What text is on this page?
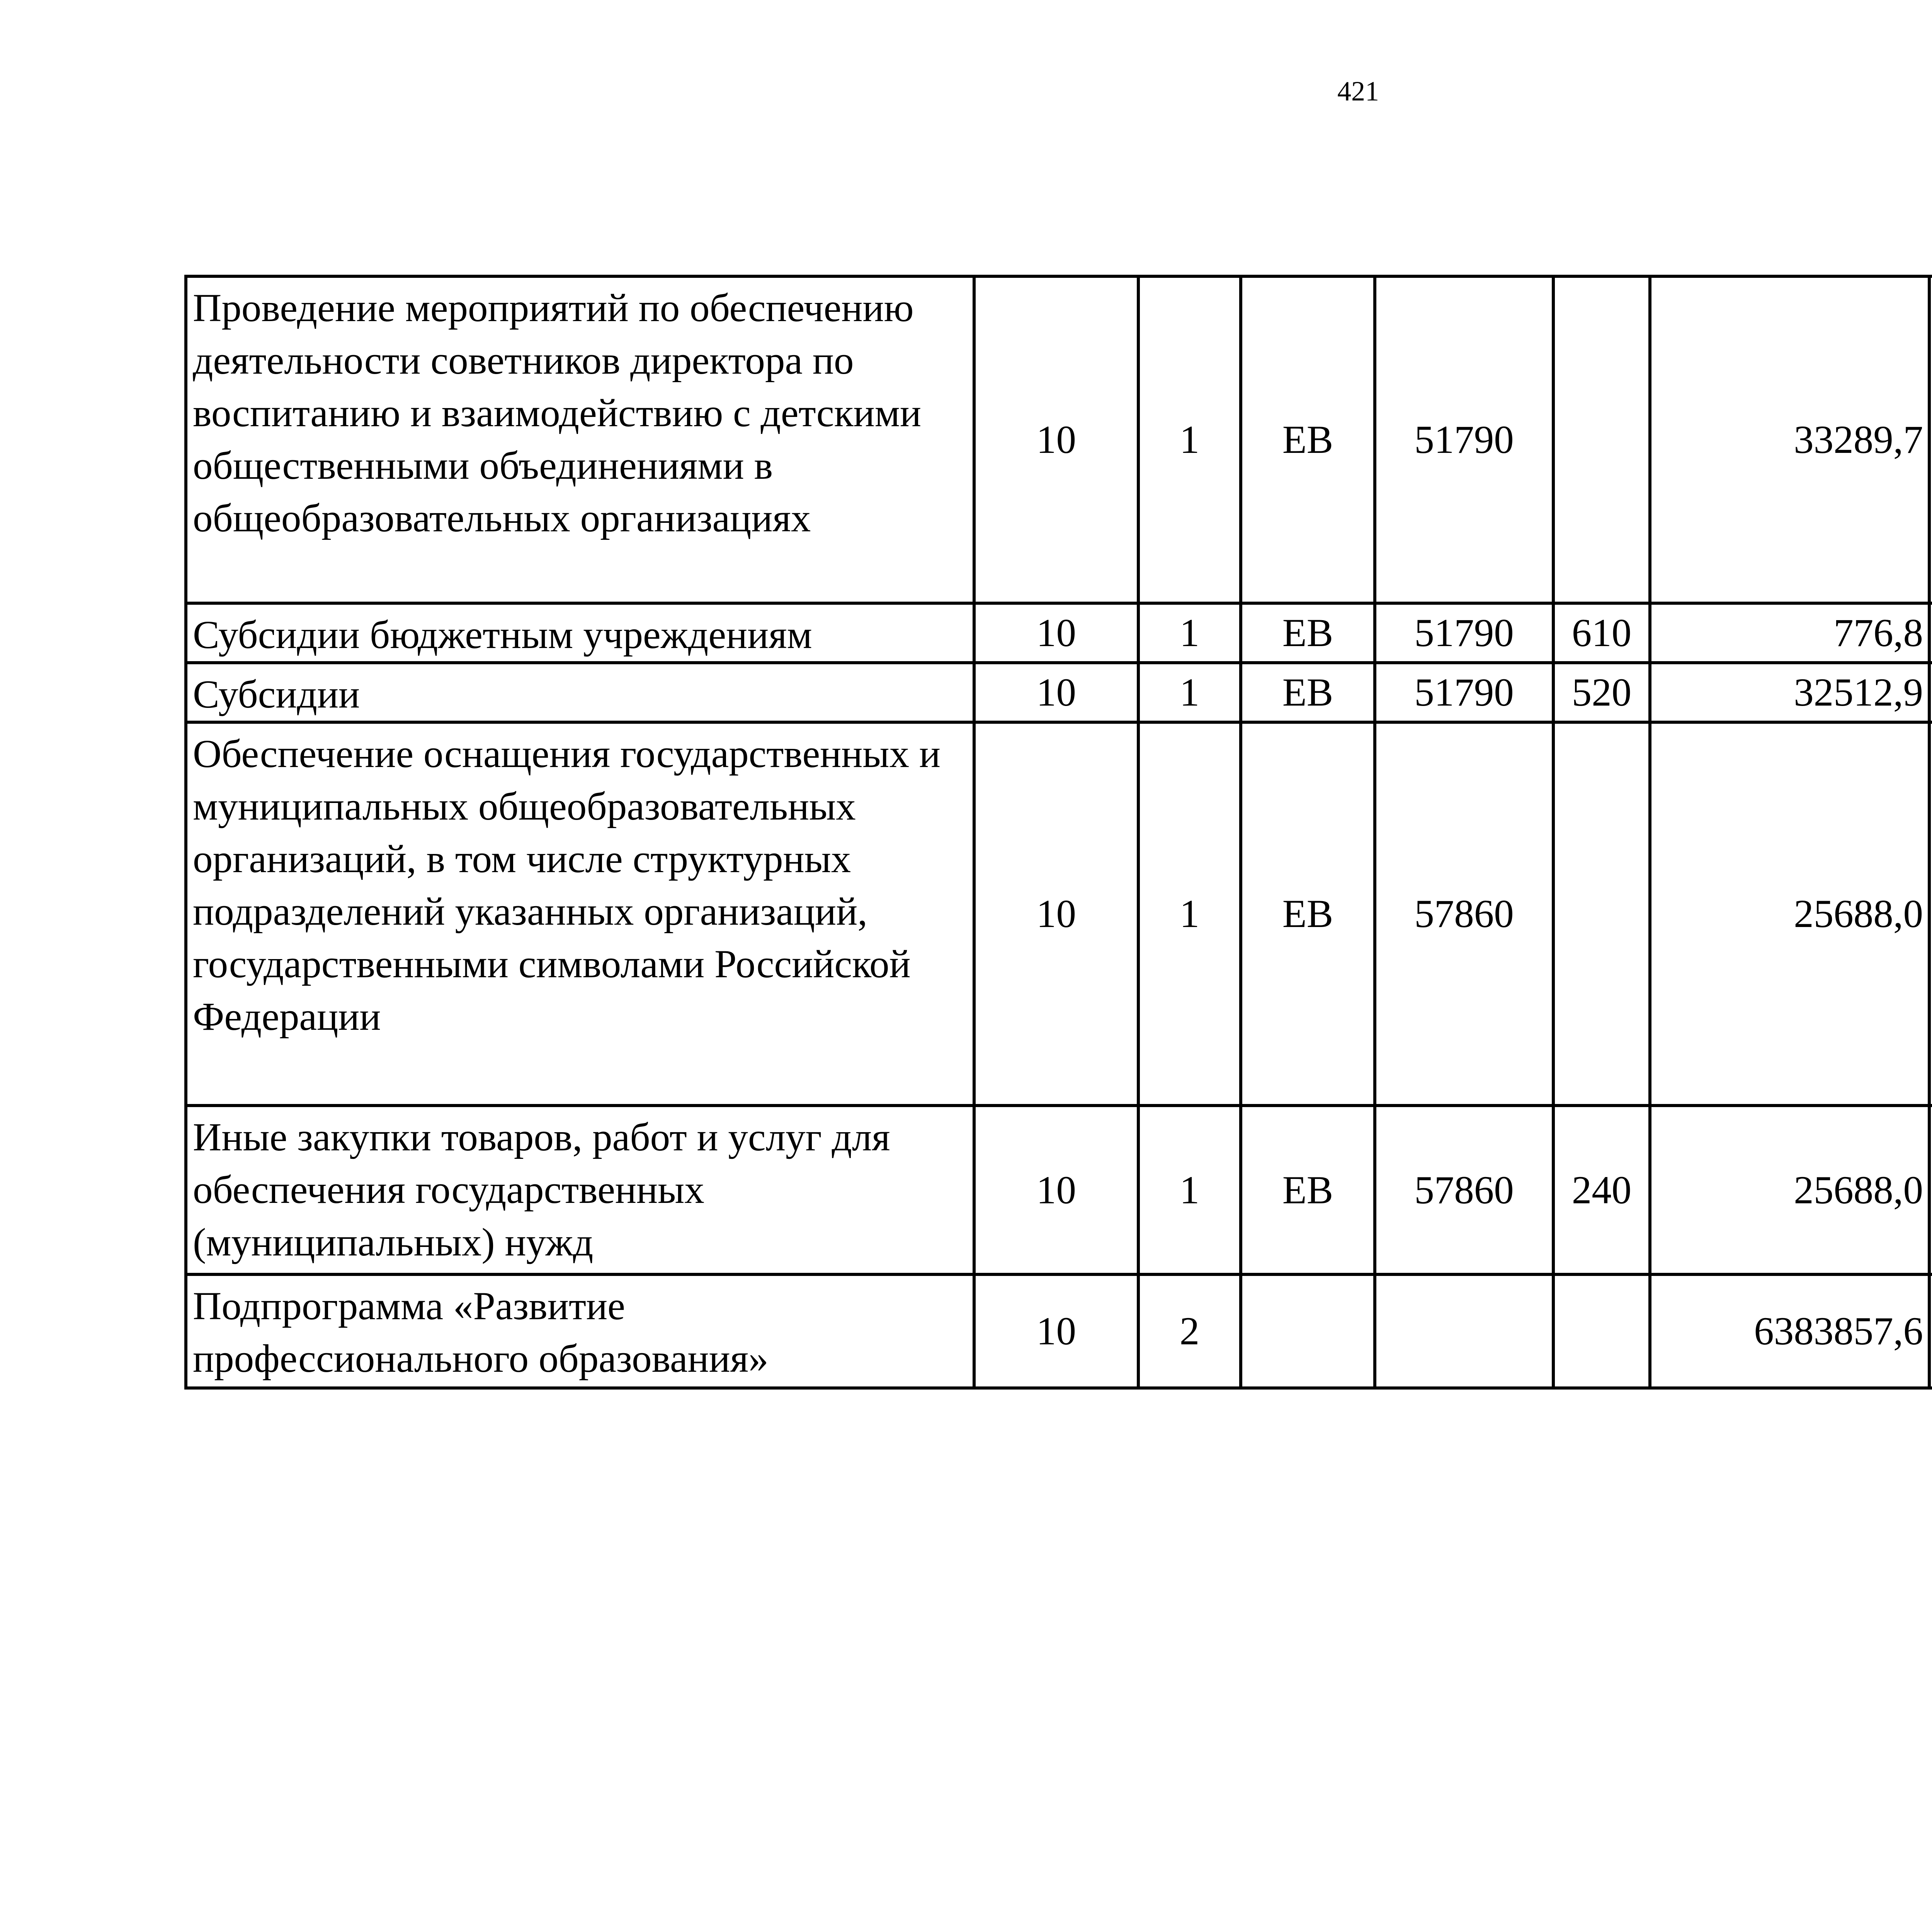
421
Проведение мероприятий по обеспечению деятельности советников директора по воспитанию и взаимодействию с детскими общественными объединениями в общеобразовательных организациях	10	1	ЕВ	51790		33289,7		
Субсидии бюджетным учреждениям	10	1	ЕВ	51790	610	776,8		
Субсидии	10	1	ЕВ	51790	520	32512,9		
Обеспечение оснащения государственных и муниципальных общеобразовательных организаций, в том числе структурных подразделений указанных организаций, государственными символами Российской Федерации	10	1	ЕВ	57860		25688,0		
Иные закупки товаров, работ и услуг для обеспечения государственных (муниципальных) нужд	10	1	ЕВ	57860	240	25688,0		
Подпрограмма «Развитие профессионального образования»	10	2				6383857,6		
